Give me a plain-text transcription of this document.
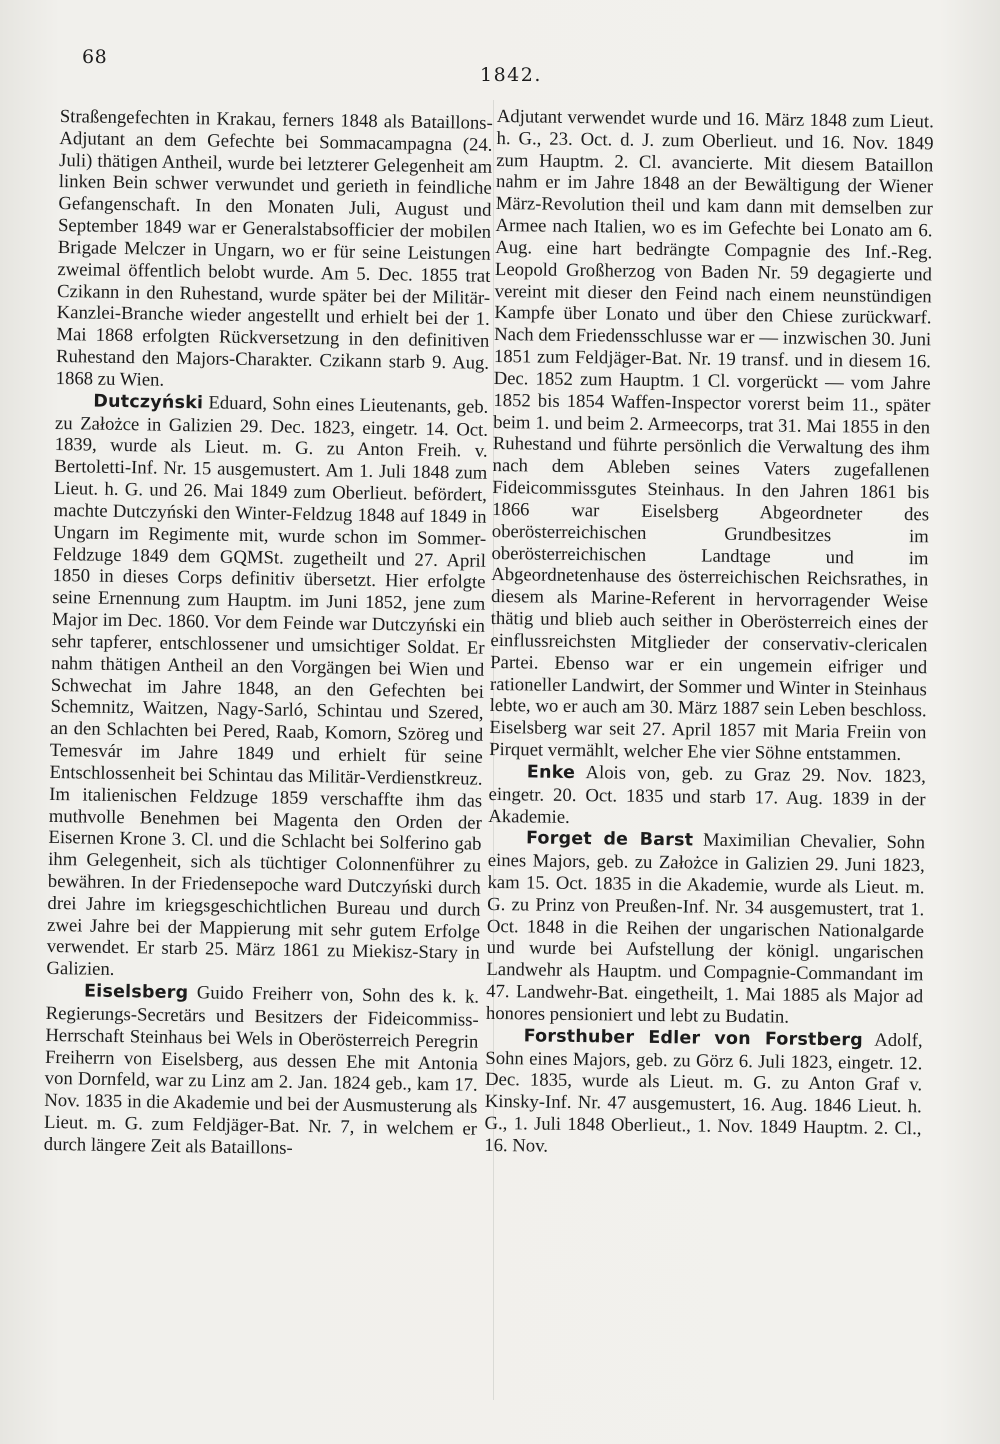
68
1842.

Straßengefechten in Krakau, ferners 1848 als Bataillons-Adjutant an dem Gefechte bei Sommacampagna (24. Juli) thätigen Antheil, wurde bei letzterer Gelegenheit am linken Bein schwer verwundet und gerieth in feindliche Gefangenschaft. In den Monaten Juli, August und September 1849 war er Generalstabsofficier der mobilen Brigade Melczer in Ungarn, wo er für seine Leistungen zweimal öffentlich belobt wurde. Am 5. Dec. 1855 trat Czikann in den Ruhestand, wurde später bei der Militär-Kanzlei-Branche wieder angestellt und erhielt bei der 1. Mai 1868 erfolgten Rückversetzung in den definitiven Ruhestand den Majors-Charakter. Czikann starb 9. Aug. 1868 zu Wien.

Dutczyński Eduard, Sohn eines Lieutenants, geb. zu Założce in Galizien 29. Dec. 1823, eingetr. 14. Oct. 1839, wurde als Lieut. m. G. zu Anton Freih. v. Bertoletti-Inf. Nr. 15 ausgemustert. Am 1. Juli 1848 zum Lieut. h. G. und 26. Mai 1849 zum Oberlieut. befördert, machte Dutczyński den Winter-Feldzug 1848 auf 1849 in Ungarn im Regimente mit, wurde schon im Sommer-Feldzuge 1849 dem GQMSt. zugetheilt und 27. April 1850 in dieses Corps definitiv übersetzt. Hier erfolgte seine Ernennung zum Hauptm. im Juni 1852, jene zum Major im Dec. 1860. Vor dem Feinde war Dutczyński ein sehr tapferer, entschlossener und umsichtiger Soldat. Er nahm thätigen Antheil an den Vorgängen bei Wien und Schwechat im Jahre 1848, an den Gefechten bei Schemnitz, Waitzen, Nagy-Sarló, Schintau und Szered, an den Schlachten bei Pered, Raab, Komorn, Szöreg und Temesvár im Jahre 1849 und erhielt für seine Entschlossenheit bei Schintau das Militär-Verdienstkreuz. Im italienischen Feldzuge 1859 verschaffte ihm das muthvolle Benehmen bei Magenta den Orden der Eisernen Krone 3. Cl. und die Schlacht bei Solferino gab ihm Gelegenheit, sich als tüchtiger Colonnenführer zu bewähren. In der Friedensepoche ward Dutczyński durch drei Jahre im kriegsgeschichtlichen Bureau und durch zwei Jahre bei der Mappierung mit sehr gutem Erfolge verwendet. Er starb 25. März 1861 zu Miekisz-Stary in Galizien.

Eiselsberg Guido Freiherr von, Sohn des k. k. Regierungs-Secretärs und Besitzers der Fideicommiss-Herrschaft Steinhaus bei Wels in Oberösterreich Peregrin Freiherrn von Eiselsberg, aus dessen Ehe mit Antonia von Dornfeld, war zu Linz am 2. Jan. 1824 geb., kam 17. Nov. 1835 in die Akademie und bei der Ausmusterung als Lieut. m. G. zum Feldjäger-Bat. Nr. 7, in welchem er durch längere Zeit als Bataillons-

Adjutant verwendet wurde und 16. März 1848 zum Lieut. h. G., 23. Oct. d. J. zum Oberlieut. und 16. Nov. 1849 zum Hauptm. 2. Cl. avancierte. Mit diesem Bataillon nahm er im Jahre 1848 an der Bewältigung der Wiener März-Revolution theil und kam dann mit demselben zur Armee nach Italien, wo es im Gefechte bei Lonato am 6. Aug. eine hart bedrängte Compagnie des Inf.-Reg. Leopold Großherzog von Baden Nr. 59 degagierte und vereint mit dieser den Feind nach einem neunstündigen Kampfe über Lonato und über den Chiese zurückwarf. Nach dem Friedensschlusse war er — inzwischen 30. Juni 1851 zum Feldjäger-Bat. Nr. 19 transf. und in diesem 16. Dec. 1852 zum Hauptm. 1 Cl. vorgerückt — vom Jahre 1852 bis 1854 Waffen-Inspector vorerst beim 11., später beim 1. und beim 2. Armeecorps, trat 31. Mai 1855 in den Ruhestand und führte persönlich die Verwaltung des ihm nach dem Ableben seines Vaters zugefallenen Fideicommissgutes Steinhaus. In den Jahren 1861 bis 1866 war Eiselsberg Abgeordneter des oberösterreichischen Grundbesitzes im oberösterreichischen Landtage und im Abgeordnetenhause des österreichischen Reichsrathes, in diesem als Marine-Referent in hervorragender Weise thätig und blieb auch seither in Oberösterreich eines der einflussreichsten Mitglieder der conservativ-clericalen Partei. Ebenso war er ein ungemein eifriger und rationeller Landwirt, der Sommer und Winter in Steinhaus lebte, wo er auch am 30. März 1887 sein Leben beschloss. Eiselsberg war seit 27. April 1857 mit Maria Freiin von Pirquet vermählt, welcher Ehe vier Söhne entstammen.

Enke Alois von, geb. zu Graz 29. Nov. 1823, eingetr. 20. Oct. 1835 und starb 17. Aug. 1839 in der Akademie.

Forget de Barst Maximilian Chevalier, Sohn eines Majors, geb. zu Założce in Galizien 29. Juni 1823, kam 15. Oct. 1835 in die Akademie, wurde als Lieut. m. G. zu Prinz von Preußen-Inf. Nr. 34 ausgemustert, trat 1. Oct. 1848 in die Reihen der ungarischen Nationalgarde und wurde bei Aufstellung der königl. ungarischen Landwehr als Hauptm. und Compagnie-Commandant im 47. Landwehr-Bat. eingetheilt, 1. Mai 1885 als Major ad honores pensioniert und lebt zu Budatin.

Forsthuber Edler von Forstberg Adolf, Sohn eines Majors, geb. zu Görz 6. Juli 1823, eingetr. 12. Dec. 1835, wurde als Lieut. m. G. zu Anton Graf v. Kinsky-Inf. Nr. 47 ausgemustert, 16. Aug. 1846 Lieut. h. G., 1. Juli 1848 Oberlieut., 1. Nov. 1849 Hauptm. 2. Cl., 16. Nov.
